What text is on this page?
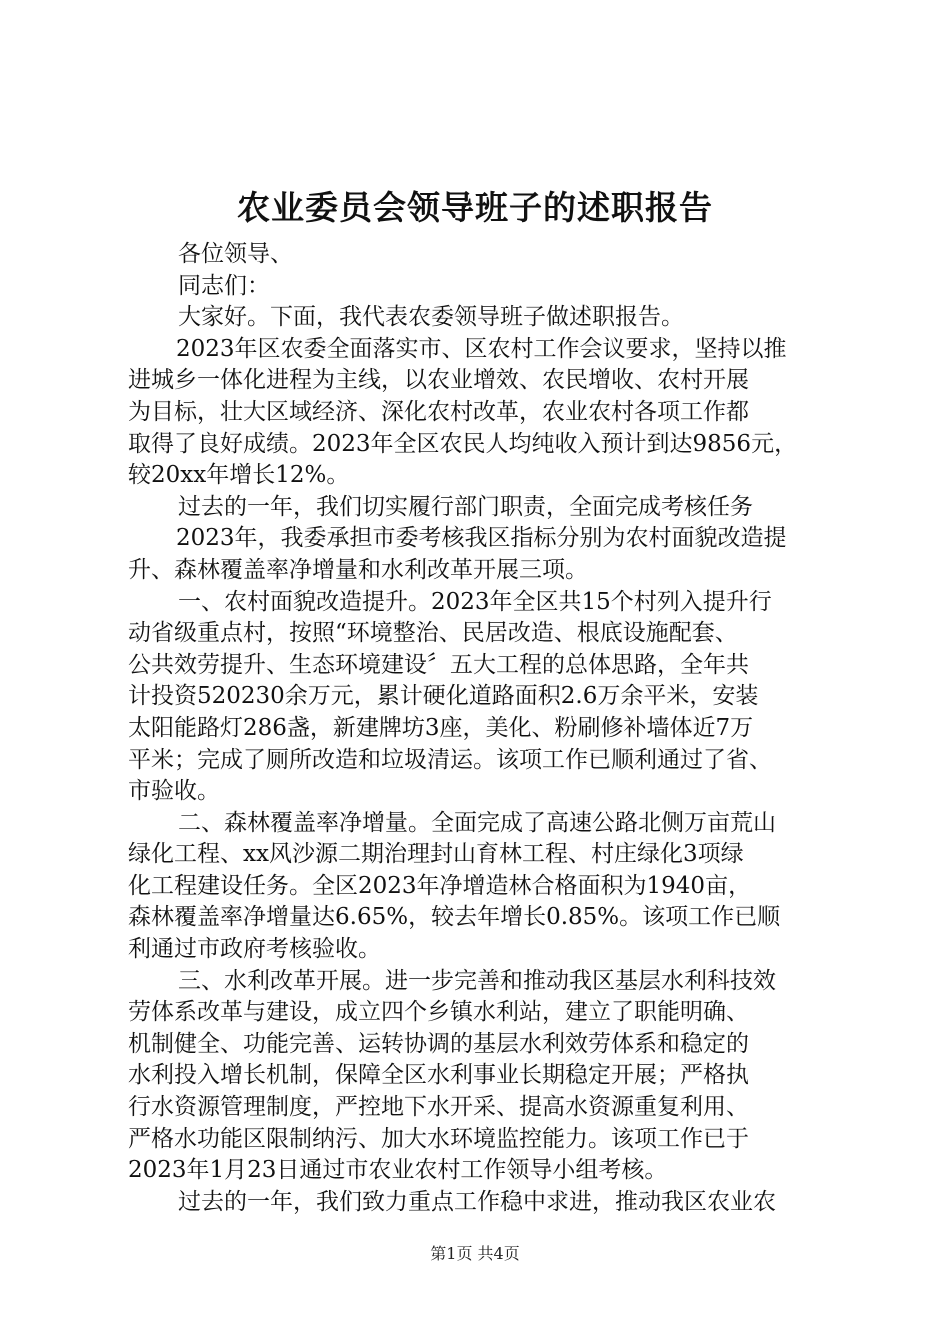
农业委员会领导班子的述职报告
各位领导、
同志们：
大家好。下面，我代表农委领导班子做述职报告。
2023年区农委全面落实市、区农村工作会议要求，坚持以推
进城乡一体化进程为主线，以农业增效、农民增收、农村开展
为目标，壮大区域经济、深化农村改革，农业农村各项工作都
取得了良好成绩。2023年全区农民人均纯收入预计到达9856元，
较20xx年增长12%。
过去的一年，我们切实履行部门职责，全面完成考核任务
2023年，我委承担市委考核我区指标分别为农村面貌改造提
升、森林覆盖率净增量和水利改革开展三项。
一、农村面貌改造提升。2023年全区共15个村列入提升行
动省级重点村，按照“环境整治、民居改造、根底设施配套、
公共效劳提升、生态环境建设〞五大工程的总体思路，全年共
计投资520230余万元，累计硬化道路面积2.6万余平米，安装
太阳能路灯286盏，新建牌坊3座，美化、粉刷修补墙体近7万
平米；完成了厕所改造和垃圾清运。该项工作已顺利通过了省、
市验收。
二、森林覆盖率净增量。全面完成了高速公路北侧万亩荒山
绿化工程、xx风沙源二期治理封山育林工程、村庄绿化3项绿
化工程建设任务。全区2023年净增造林合格面积为1940亩，
森林覆盖率净增量达6.65%，较去年增长0.85%。该项工作已顺
利通过市政府考核验收。
三、水利改革开展。进一步完善和推动我区基层水利科技效
劳体系改革与建设，成立四个乡镇水利站，建立了职能明确、
机制健全、功能完善、运转协调的基层水利效劳体系和稳定的
水利投入增长机制，保障全区水利事业长期稳定开展；严格执
行水资源管理制度，严控地下水开采、提高水资源重复利用、
严格水功能区限制纳污、加大水环境监控能力。该项工作已于
2023年1月23日通过市农业农村工作领导小组考核。
过去的一年，我们致力重点工作稳中求进，推动我区农业农
第1页 共4页
